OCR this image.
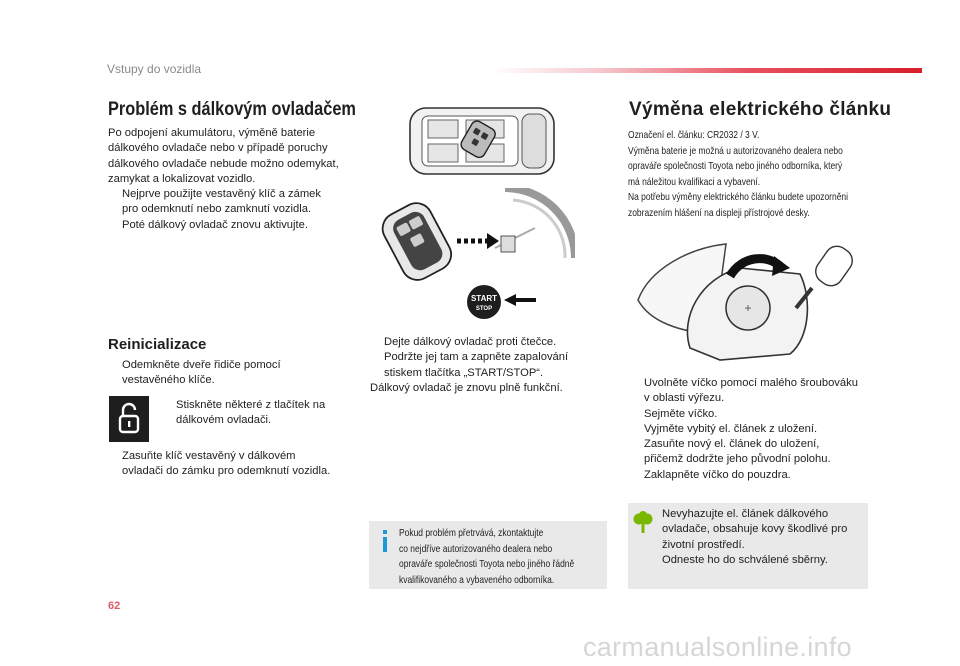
Vstupy do vozidla
Problém s dálkovým ovladačem
Po odpojení akumulátoru, výměně baterie
dálkového ovladače nebo v případě poruchy
dálkového ovladače nebude možno odemykat,
zamykat a lokalizovat vozidlo.
Nejprve použijte vestavěný klíč a zámek
pro odemknutí nebo zamknutí vozidla.
Poté dálkový ovladač znovu aktivujte.
Reinicializace
Odemkněte dveře řidiče pomocí
vestavěného klíče.
Stiskněte některé z tlačítek na
dálkovém ovladači.
Zasuňte klíč vestavěný v dálkovém
ovladači do zámku pro odemknutí vozidla.
START
STOP
Dejte dálkový ovladač proti čtečce.
Podržte jej tam a zapněte zapalování
stiskem tlačítka „START/STOP“.
Dálkový ovladač je znovu plně funkční.
Pokud problém přetrvává, zkontaktujte
co nejdříve autorizovaného dealera nebo
opraváře společnosti Toyota nebo jiného řádně
kvalifikovaného a vybaveného odborníka.
Výměna elektrického článku
Označení el. článku: CR2032 / 3 V.
Výměna baterie je možná u autorizovaného dealera nebo
opraváře společnosti Toyota nebo jiného odborníka, který
má náležitou kvalifikaci a vybavení.
Na potřebu výměny elektrického článku budete upozorněni
zobrazením hlášení na displeji přístrojové desky.
+
Uvolněte víčko pomocí malého šroubováku
v oblasti výřezu.
Sejměte víčko.
Vyjměte vybitý el. článek z uložení.
Zasuňte nový el. článek do uložení,
přičemž dodržte jeho původní polohu.
Zaklapněte víčko do pouzdra.
Nevyhazujte el. článek dálkového
ovladače, obsahuje kovy škodlivé pro
životní prostředí.
Odneste ho do schválené sběrny.
62
carmanualsonline.info
